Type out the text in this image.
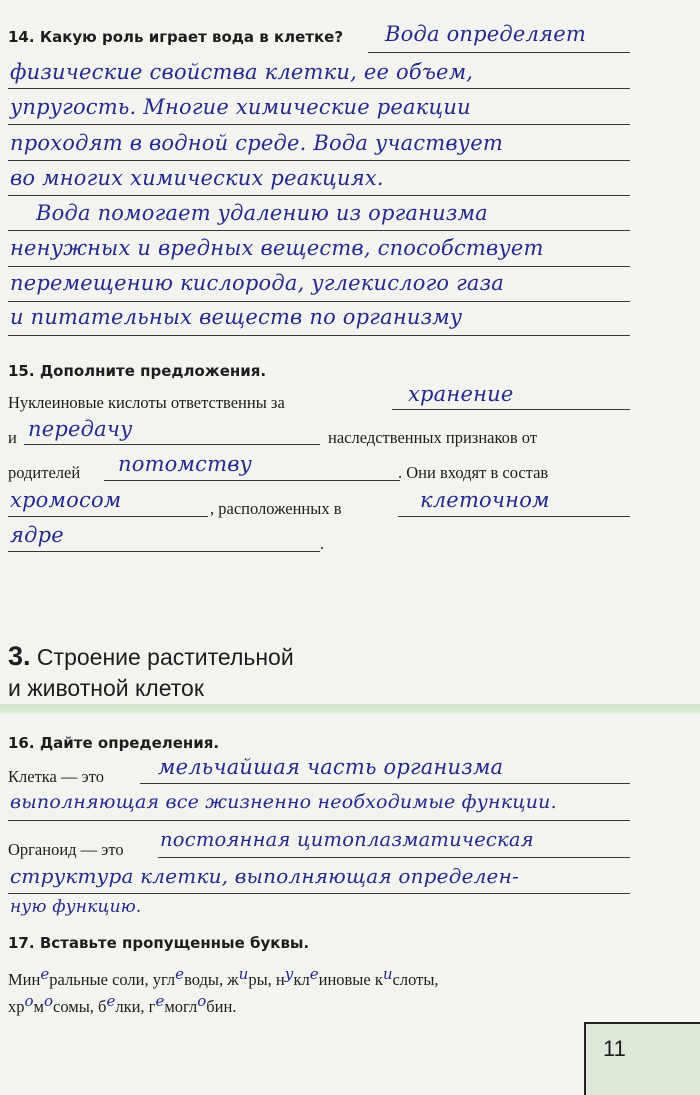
14. Какую роль играет вода в клетке? Вода определяет
физические свойства клетки, ее объем,
упругость. Многие химические реакции
проходят в водной среде. Вода участвует
во многих химических реакциях.
Вода помогает удалению из организма
ненужных и вредных веществ, способствует
перемещению кислорода, углекислого газа
и питательных веществ по организму
15. Дополните предложения.
Нуклеиновые кислоты ответственны за	хранение
и передачу	наследственных признаков от
родителей потомству	. Они входят в состав
хромосом	, расположенных в	клеточном
ядре	.
3. Строение растительной
и животной клеток
16. Дайте определения.
Клетка — это	мельчайшая часть организма
выполняющая все жизненно необходимые функции.
Органоид — это постоянная цитоплазматическая
структура клетки, выполняющая определен-
ную функцию.
17. Вставьте пропущенные буквы.
Минеральные соли, углеводы, жиры, нуклеиновые кислоты,
хромосомы, белки, гемоглобин.
11
